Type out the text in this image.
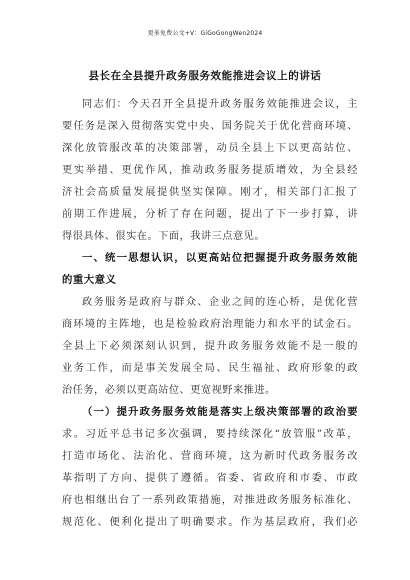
更多免费公文+V：GiGoGongWen2024
县长在全县提升政务服务效能推进会议上的讲话
同志们：今天召开全县提升政务服务效能推进会议，主
要任务是深入贯彻落实党中央、国务院关于优化营商环境、
深化放管服改革的决策部署，动员全县上下以更高站位、
更实举措、更优作风，推动政务服务提质增效，为全县经
济社会高质量发展提供坚实保障。刚才，相关部门汇报了
前期工作进展，分析了存在问题，提出了下一步打算，讲
得很具体、很实在。下面，我讲三点意见。
一、统一思想认识，以更高站位把握提升政务服务效能
的重大意义
政务服务是政府与群众、企业之间的连心桥，是优化营
商环境的主阵地，也是检验政府治理能力和水平的试金石。
全县上下必须深刻认识到，提升政务服务效能不是一般的
业务工作，而是事关发展全局、民生福祉、政府形象的政
治任务，必须以更高站位、更宽视野来推进。
（一）提升政务服务效能是落实上级决策部署的政治要
求。习近平总书记多次强调，要持续深化“放管服”改革，
打造市场化、法治化、营商环境，这为新时代政务服务改
革指明了方向、提供了遵循。省委、省政府和市委、市政
府也相继出台了一系列政策措施，对推进政务服务标准化、
规范化、便利化提出了明确要求。作为基层政府，我们必
